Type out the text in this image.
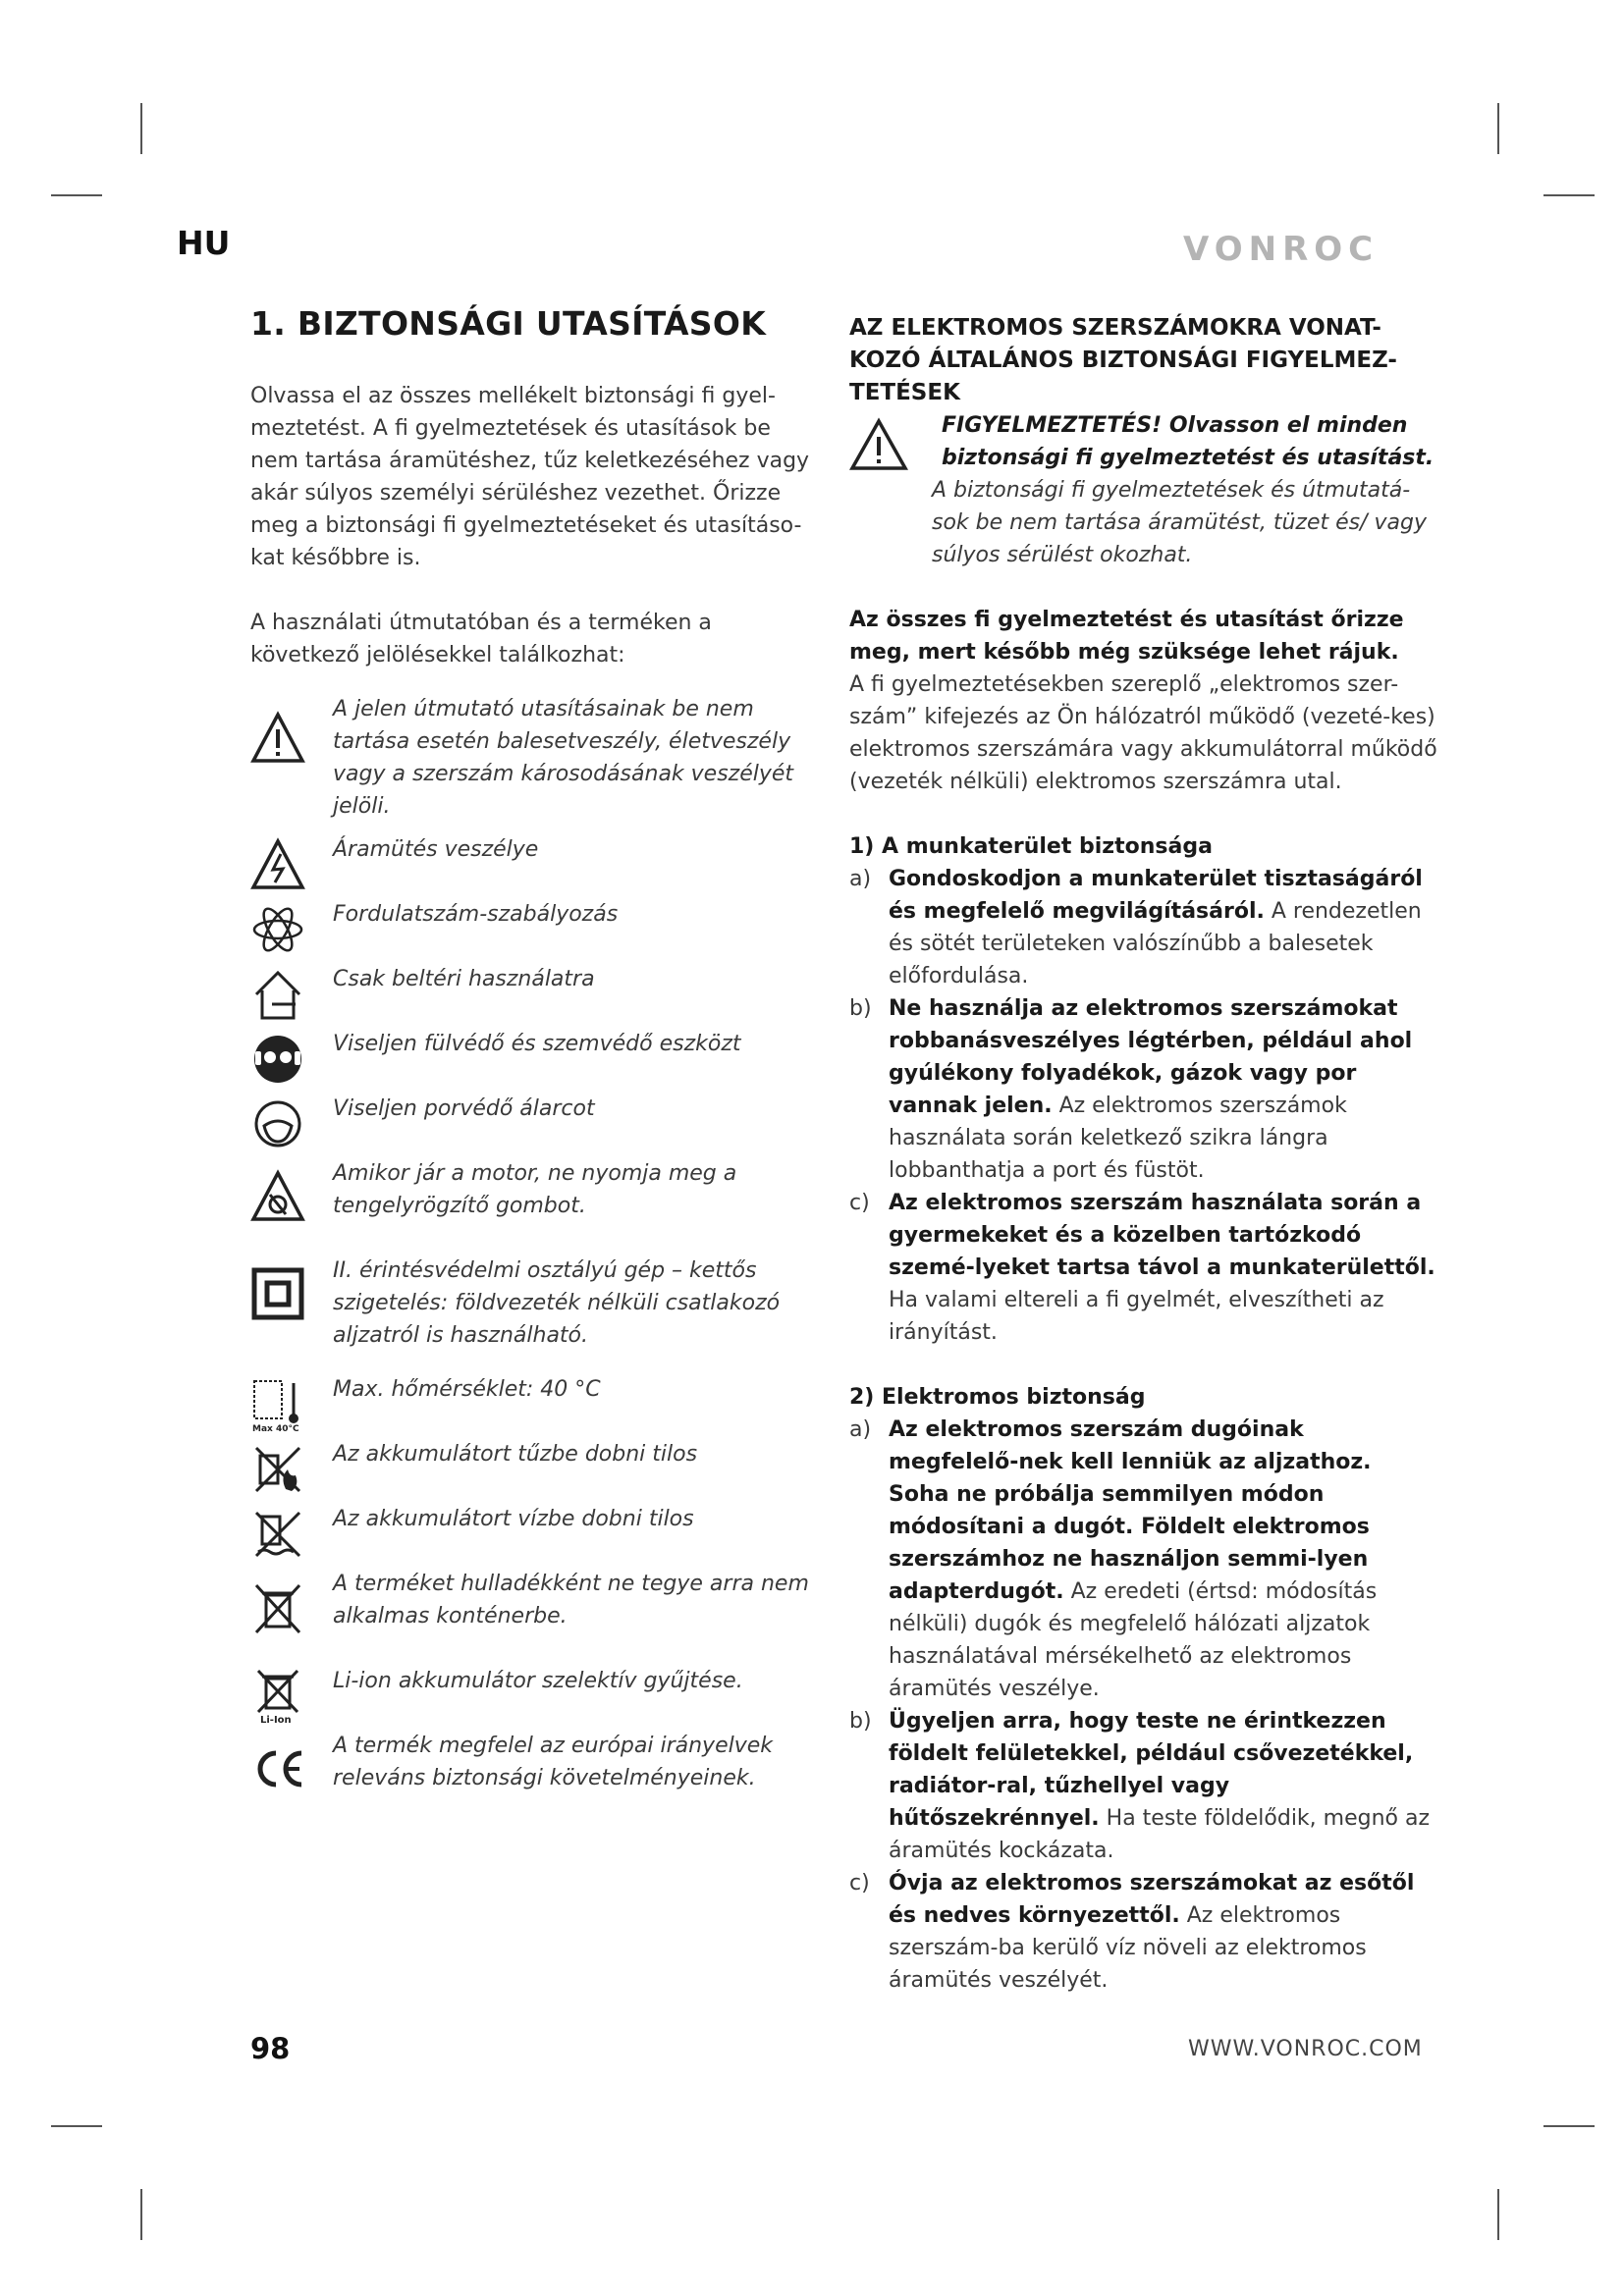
HU	VONROC
1. BIZTONSÁGI UTASÍTÁSOK

Olvassa el az összes mellékelt biztonsági fi gyel-meztetést. A fi gyelmeztetések és utasítások be nem tartása áramütéshez, tűz keletkezéséhez vagy akár súlyos személyi sérüléshez vezethet. Őrizze meg a biztonsági fi gyelmeztetéseket és utasításo-kat későbbre is.

A használati útmutatóban és a terméken a következő jelölésekkel találkozhat:

A jelen útmutató utasításainak be nem tartása esetén balesetveszély, életveszély vagy a szerszám károsodásának veszélyét jelöli.
Áramütés veszélye
Fordulatszám-szabályozás
Csak beltéri használatra
Viseljen fülvédő és szemvédő eszközt
Viseljen porvédő álarcot
Amikor jár a motor, ne nyomja meg a tengelyrögzítő gombot.
II. érintésvédelmi osztályú gép – kettős szigetelés: földvezeték nélküli csatlakozó aljzatról is használható.
Max 40°C
Max. hőmérséklet: 40 °C
Az akkumulátort tűzbe dobni tilos
Az akkumulátort vízbe dobni tilos
A terméket hulladékként ne tegye arra nem alkalmas konténerbe.
Li-Ion
Li-ion akkumulátor szelektív gyűjtése.
A termék megfelel az európai irányelvek releváns biztonsági követelményeinek.
AZ ELEKTROMOS SZERSZÁMOKRA VONAT-KOZÓ ÁLTALÁNOS BIZTONSÁGI FIGYELMEZ-TETÉSEK

FIGYELMEZTETÉS! Olvasson el minden biztonsági fi gyelmeztetést és utasítást.

A biztonsági fi gyelmeztetések és útmutatá-sok be nem tartása áramütést, tüzet és/ vagy súlyos sérülést okozhat.

Az összes fi gyelmeztetést és utasítást őrizze meg, mert később még szüksége lehet rájuk.

A fi gyelmeztetésekben szereplő „elektromos szer-szám” kifejezés az Ön hálózatról működő (vezeté-kes) elektromos szerszámára vagy akkumulátorral működő (vezeték nélküli) elektromos szerszámra utal.

1) A munkaterület biztonsága
a) Gondoskodjon a munkaterület tisztaságáról és megfelelő megvilágításáról. A rendezetlen és sötét területeken valószínűbb a balesetek előfordulása.
b) Ne használja az elektromos szerszámokat robbanásveszélyes légtérben, például ahol gyúlékony folyadékok, gázok vagy por vannak jelen. Az elektromos szerszámok használata során keletkező szikra lángra lobbanthatja a port és füstöt.
c) Az elektromos szerszám használata során a gyermekeket és a közelben tartózkodó szemé-lyeket tartsa távol a munkaterülettől. Ha valami eltereli a fi gyelmét, elveszítheti az irányítást.
2) Elektromos biztonság
a) Az elektromos szerszám dugóinak megfelelő-nek kell lenniük az aljzathoz. Soha ne próbálja semmilyen módon módosítani a dugót. Földelt elektromos szerszámhoz ne használjon semmi-lyen adapterdugót. Az eredeti (értsd: módosítás nélküli) dugók és megfelelő hálózati aljzatok használatával mérsékelhető az elektromos áramütés veszélye.
b) Ügyeljen arra, hogy teste ne érintkezzen földelt felületekkel, például csővezetékkel, radiátor-ral, tűzhellyel vagy hűtőszekrénnyel. Ha teste földelődik, megnő az áramütés kockázata.
c) Óvja az elektromos szerszámokat az esőtől és nedves környezettől. Az elektromos szerszám-ba kerülő víz növeli az elektromos áramütés veszélyét.
98	WWW.VONROC.COM
